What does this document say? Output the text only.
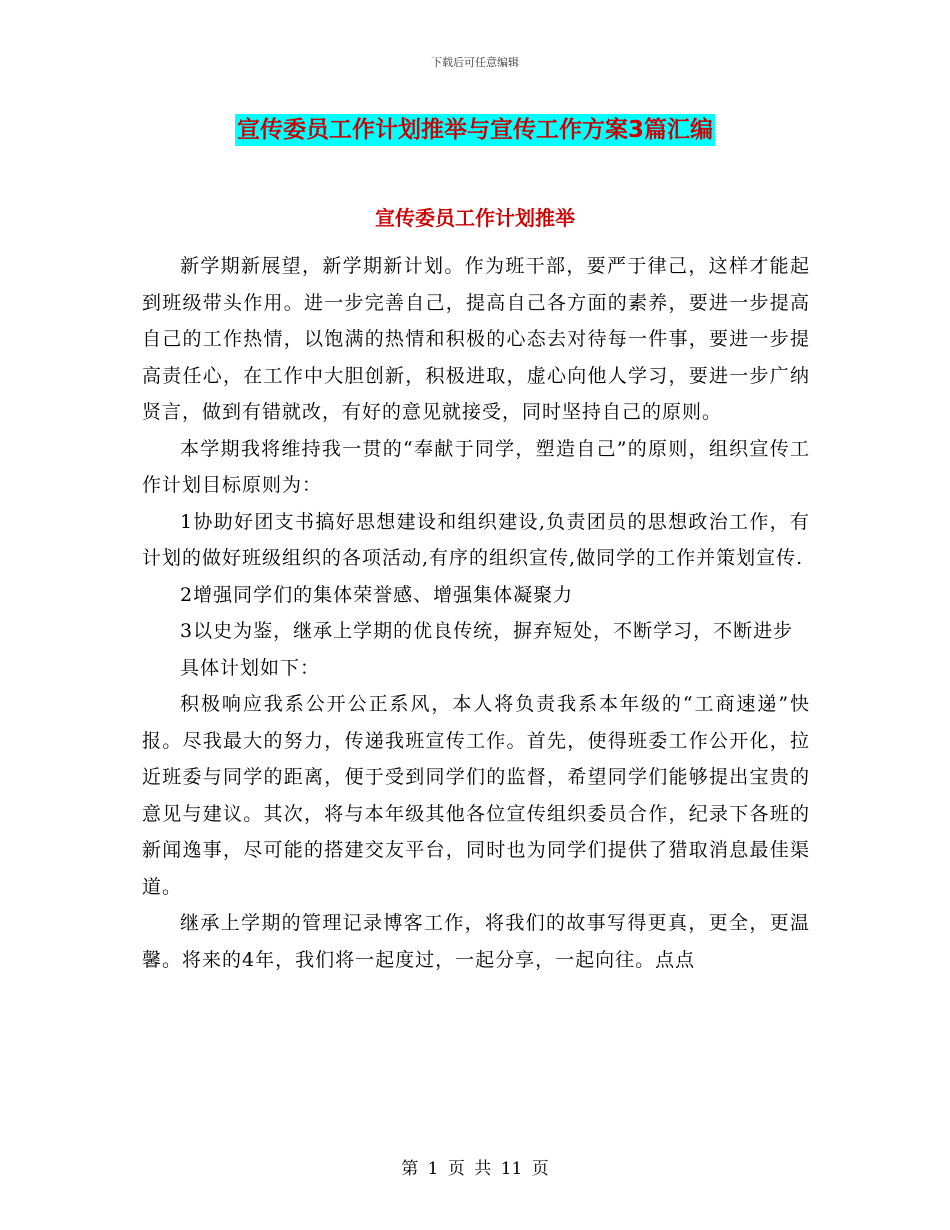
下载后可任意编辑
宣传委员工作计划推举与宣传工作方案3篇汇编
宣传委员工作计划推举

新学期新展望，新学期新计划。作为班干部，要严于律己，这样才能起到班级带头作用。进一步完善自己，提高自己各方面的素养，要进一步提高自己的工作热情，以饱满的热情和积极的心态去对待每一件事，要进一步提高责任心，在工作中大胆创新，积极进取，虚心向他人学习，要进一步广纳贤言，做到有错就改，有好的意见就接受，同时坚持自己的原则。

本学期我将维持我一贯的“奉献于同学，塑造自己”的原则，组织宣传工作计划目标原则为：

1协助好团支书搞好思想建设和组织建设,负责团员的思想政治工作，有计划的做好班级组织的各项活动,有序的组织宣传,做同学的工作并策划宣传.

2增强同学们的集体荣誉感、增强集体凝聚力

3以史为鉴，继承上学期的优良传统，摒弃短处，不断学习，不断进步

具体计划如下：

积极响应我系公开公正系风，本人将负责我系本年级的“工商速递”快报。尽我最大的努力，传递我班宣传工作。首先，使得班委工作公开化，拉近班委与同学的距离，便于受到同学们的监督，希望同学们能够提出宝贵的意见与建议。其次，将与本年级其他各位宣传组织委员合作，纪录下各班的新闻逸事，尽可能的搭建交友平台，同时也为同学们提供了猎取消息最佳渠道。

继承上学期的管理记录博客工作，将我们的故事写得更真，更全，更温馨。将来的4年，我们将一起度过，一起分享，一起向往。点点

第 1 页 共 11 页
